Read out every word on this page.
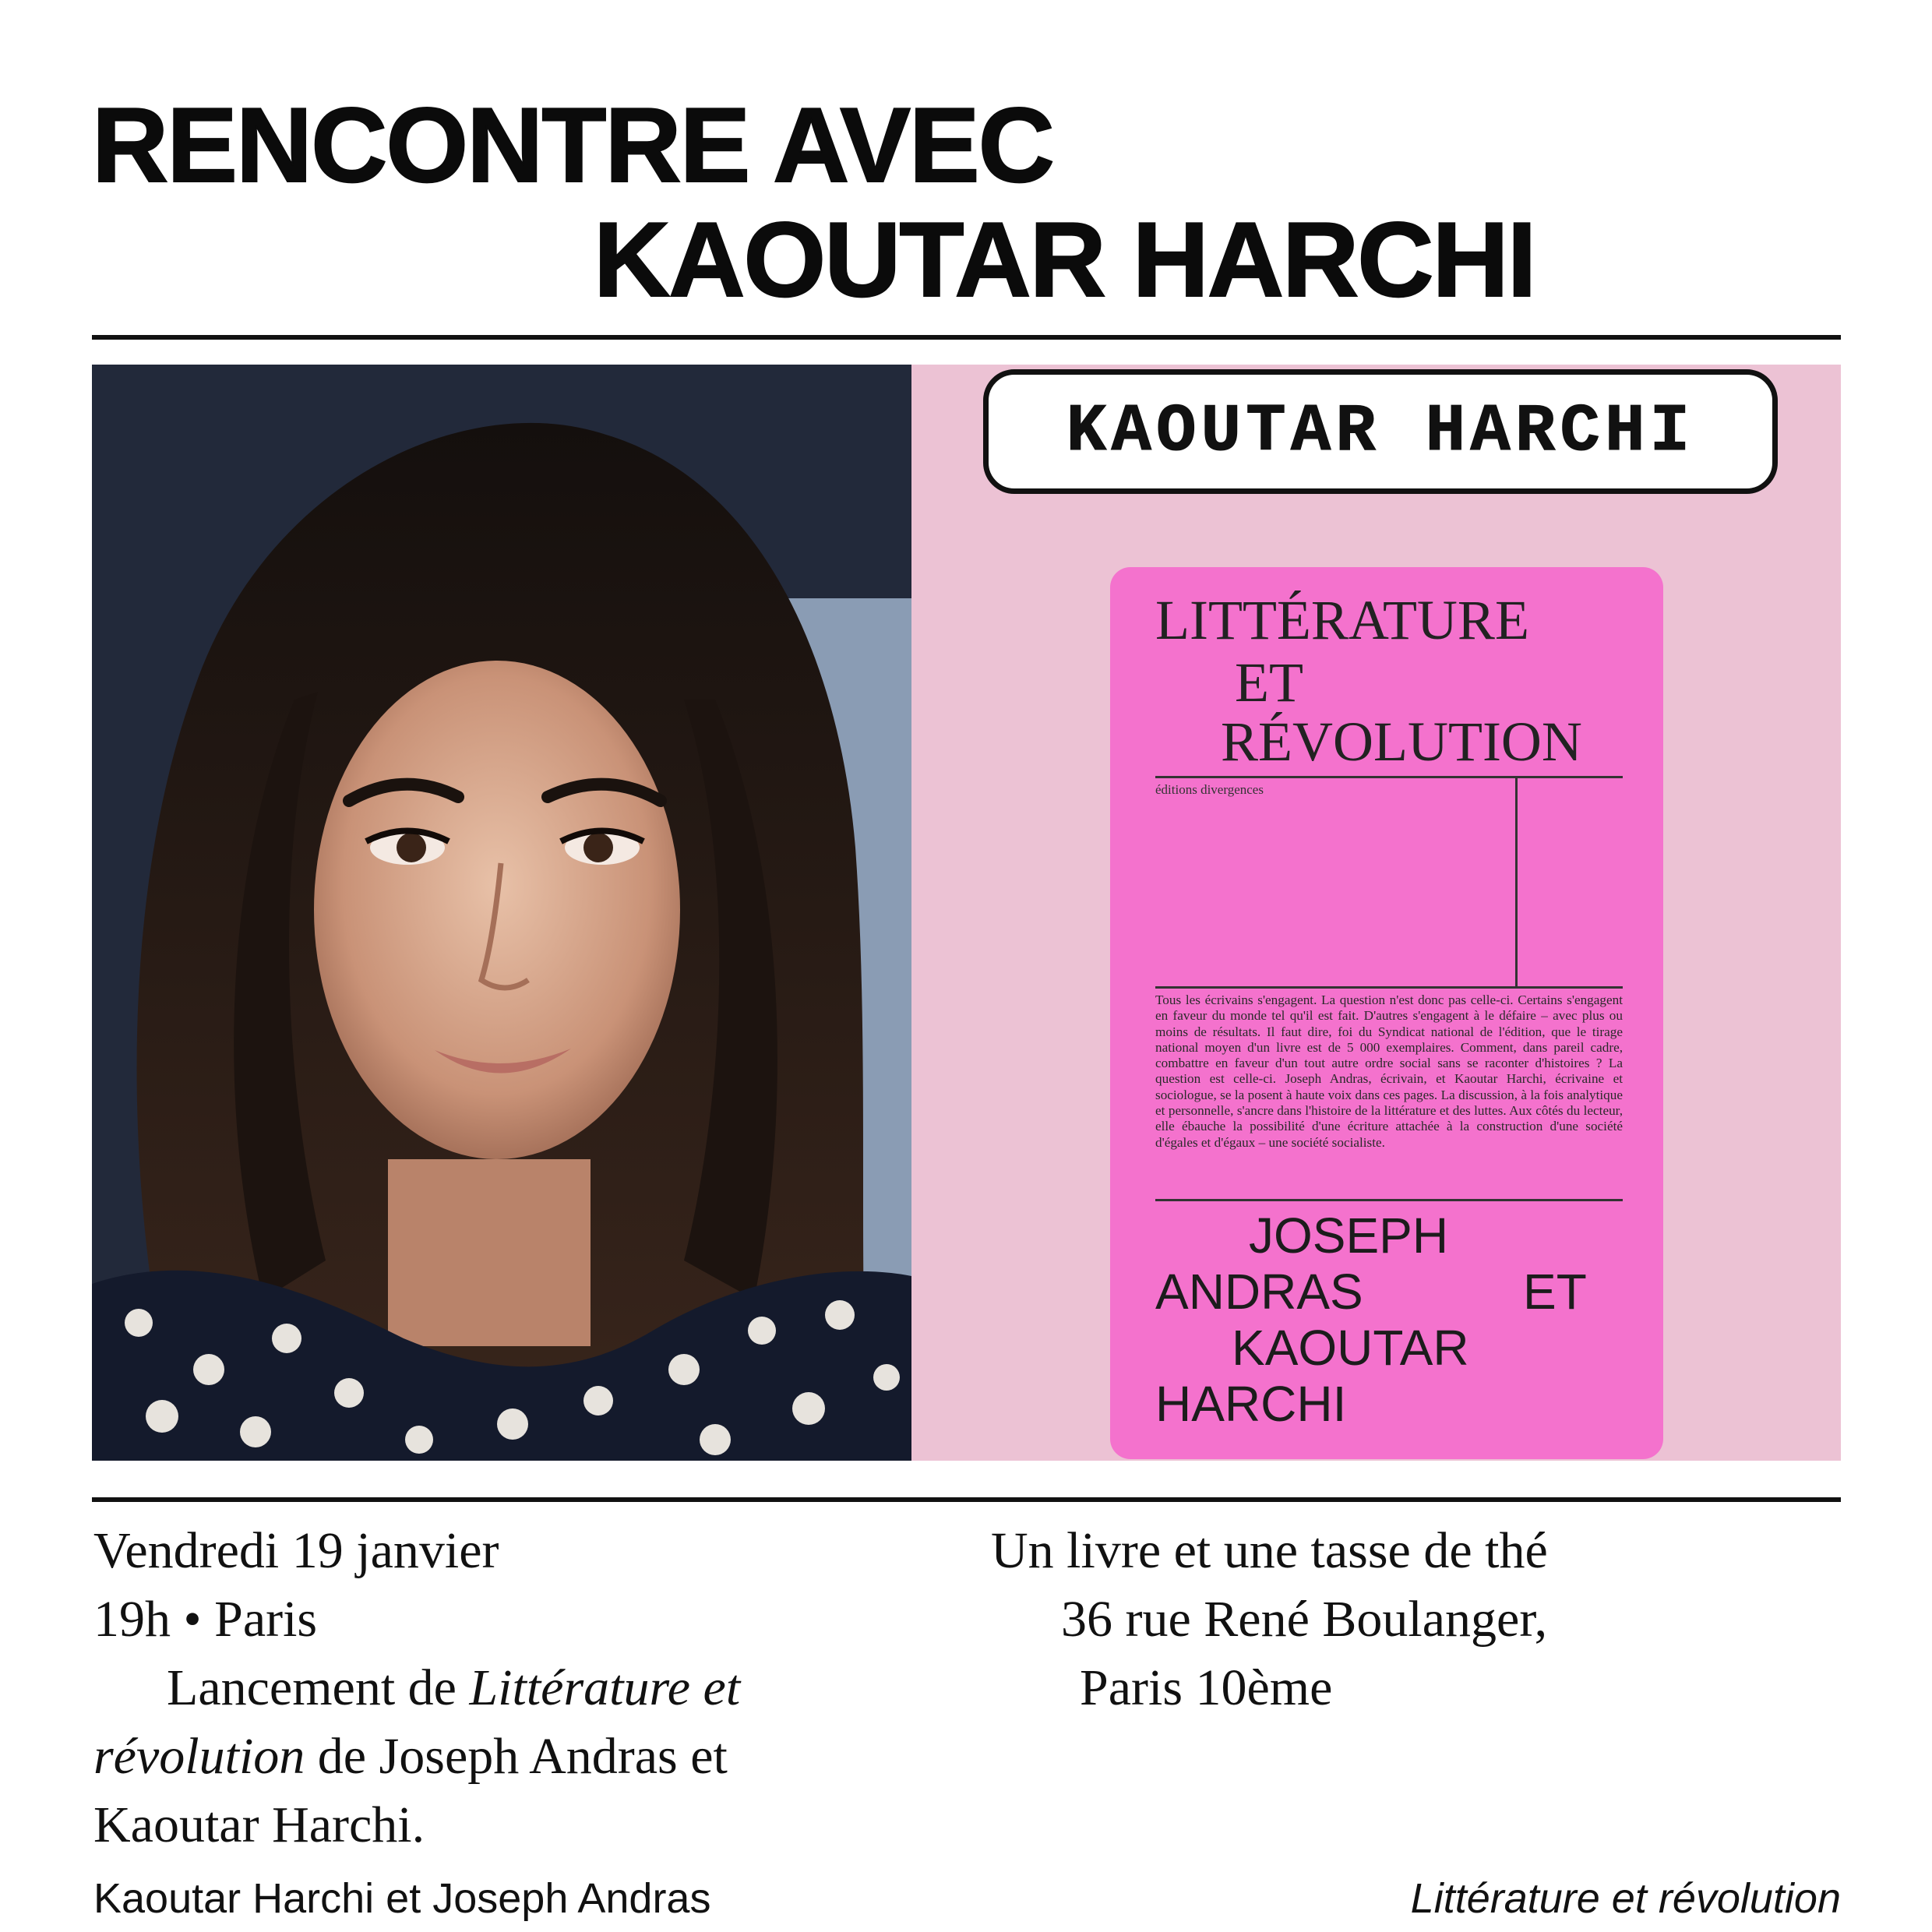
RENCONTRE AVEC
KAOUTAR HARCHI
KAOUTAR HARCHI
LITTÉRATURE
ET
RÉVOLUTION
éditions divergences
Tous les écrivains s'engagent. La question n'est donc pas celle-ci. Certains s'engagent en faveur du monde tel qu'il est fait. D'autres s'engagent à le défaire – avec plus ou moins de résultats. Il faut dire, foi du Syndicat national de l'édition, que le tirage national moyen d'un livre est de 5 000 exemplaires. Comment, dans pareil cadre, combattre en faveur d'un tout autre ordre social sans se raconter d'histoires ? La question est celle-ci. Joseph Andras, écrivain, et Kaoutar Harchi, écrivaine et sociologue, se la posent à haute voix dans ces pages. La discussion, à la fois analytique et personnelle, s'ancre dans l'histoire de la littérature et des luttes. Aux côtés du lecteur, elle ébauche la possibilité d'une écriture attachée à la construction d'une société d'égales et d'égaux – une société socialiste.
JOSEPH
ANDRAS	ET
KAOUTAR
HARCHI
Vendredi 19 janvier
19h • Paris
Lancement de Littérature et
révolution de Joseph Andras et
Kaoutar Harchi.
Un livre et une tasse de thé
36 rue René Boulanger,
Paris 10ème
Kaoutar Harchi et Joseph Andras	Littérature et révolution
